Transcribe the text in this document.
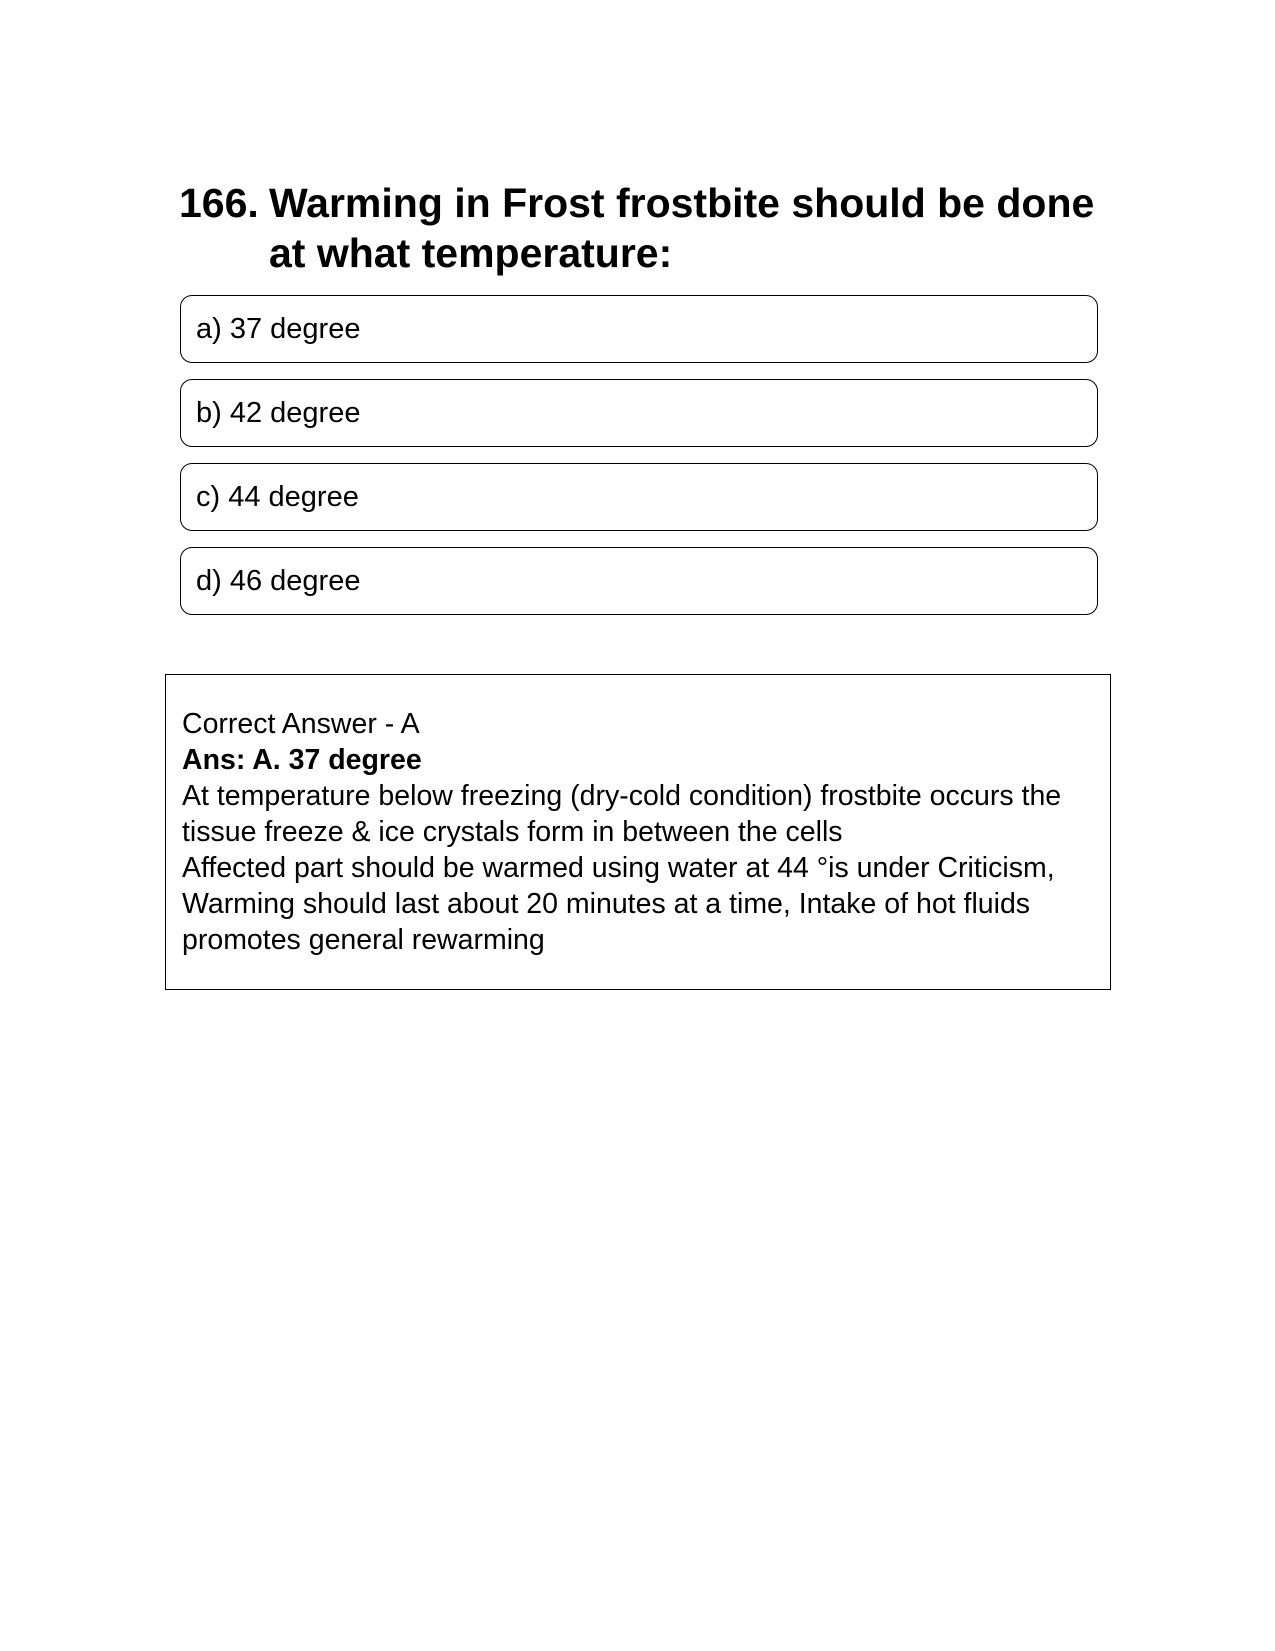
166. Warming in Frost frostbite should be done at what temperature:
a) 37 degree
b) 42 degree
c) 44 degree
d) 46 degree

Correct Answer - A

Ans: A. 37 degree

At temperature below freezing (dry-cold condition) frostbite occurs the tissue freeze & ice crystals form in between the cells

Affected part should be warmed using water at 44 °is under Criticism, Warming should last about 20 minutes at a time, Intake of hot fluids promotes general rewarming
